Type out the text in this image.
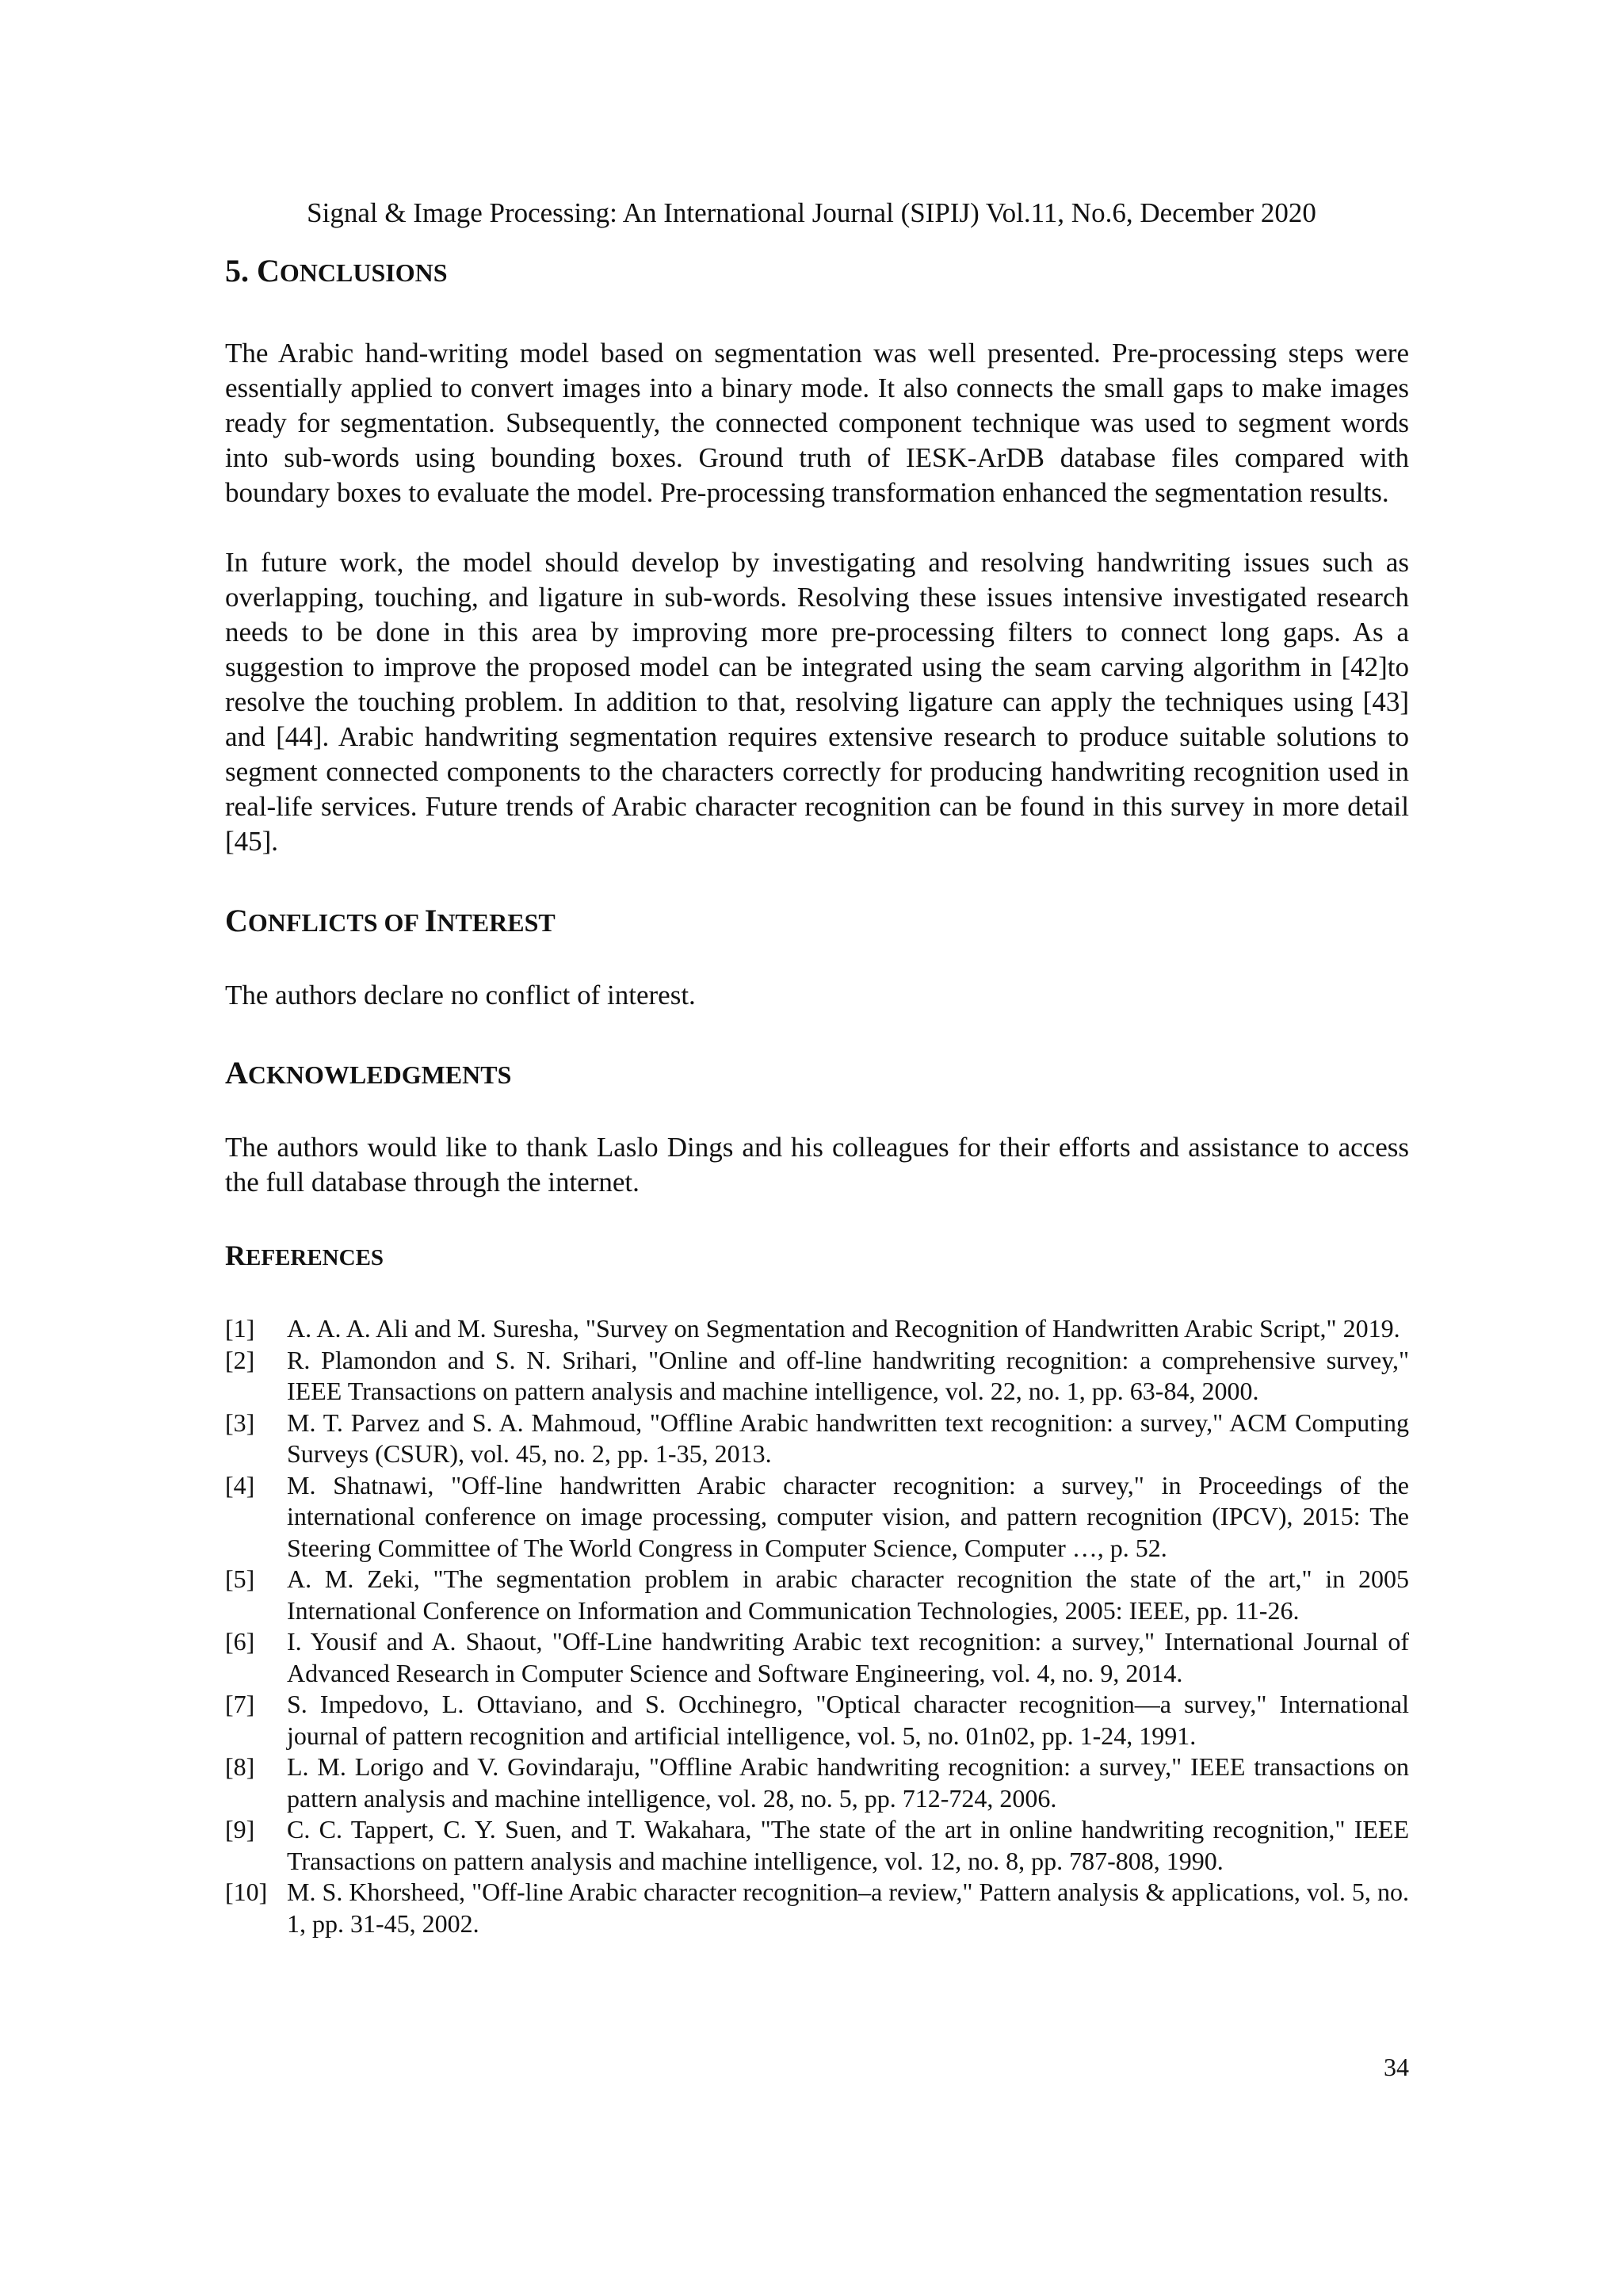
Signal & Image Processing: An International Journal (SIPIJ) Vol.11, No.6, December 2020
5. CONCLUSIONS

The Arabic hand-writing model based on segmentation was well presented. Pre-processing steps were essentially applied to convert images into a binary mode. It also connects the small gaps to make images ready for segmentation. Subsequently, the connected component technique was used to segment words into sub-words using bounding boxes. Ground truth of IESK-ArDB database files compared with boundary boxes to evaluate the model. Pre-processing transformation enhanced the segmentation results.

In future work, the model should develop by investigating and resolving handwriting issues such as overlapping, touching, and ligature in sub-words. Resolving these issues intensive investigated research needs to be done in this area by improving more pre-processing filters to connect long gaps. As a suggestion to improve the proposed model can be integrated using the seam carving algorithm in [42]to resolve the touching problem. In addition to that, resolving ligature can apply the techniques using [43] and [44]. Arabic handwriting segmentation requires extensive research to produce suitable solutions to segment connected components to the characters correctly for producing handwriting recognition used in real-life services. Future trends of Arabic character recognition can be found in this survey in more detail [45].

CONFLICTS OF INTEREST

The authors declare no conflict of interest.

ACKNOWLEDGMENTS

The authors would like to thank Laslo Dings and his colleagues for their efforts and assistance to access the full database through the internet.

REFERENCES
[1]	A. A. A. Ali and M. Suresha, "Survey on Segmentation and Recognition of Handwritten Arabic Script," 2019.
[2]	R. Plamondon and S. N. Srihari, "Online and off-line handwriting recognition: a comprehensive survey," IEEE Transactions on pattern analysis and machine intelligence, vol. 22, no. 1, pp. 63-84, 2000.
[3]	M. T. Parvez and S. A. Mahmoud, "Offline Arabic handwritten text recognition: a survey," ACM Computing Surveys (CSUR), vol. 45, no. 2, pp. 1-35, 2013.
[4]	M. Shatnawi, "Off-line handwritten Arabic character recognition: a survey," in Proceedings of the international conference on image processing, computer vision, and pattern recognition (IPCV), 2015: The Steering Committee of The World Congress in Computer Science, Computer …, p. 52.
[5]	A. M. Zeki, "The segmentation problem in arabic character recognition the state of the art," in 2005 International Conference on Information and Communication Technologies, 2005: IEEE, pp. 11-26.
[6]	I. Yousif and A. Shaout, "Off-Line handwriting Arabic text recognition: a survey," International Journal of Advanced Research in Computer Science and Software Engineering, vol. 4, no. 9, 2014.
[7]	S. Impedovo, L. Ottaviano, and S. Occhinegro, "Optical character recognition—a survey," International journal of pattern recognition and artificial intelligence, vol. 5, no. 01n02, pp. 1-24, 1991.
[8]	L. M. Lorigo and V. Govindaraju, "Offline Arabic handwriting recognition: a survey," IEEE transactions on pattern analysis and machine intelligence, vol. 28, no. 5, pp. 712-724, 2006.
[9]	C. C. Tappert, C. Y. Suen, and T. Wakahara, "The state of the art in online handwriting recognition," IEEE Transactions on pattern analysis and machine intelligence, vol. 12, no. 8, pp. 787-808, 1990.
[10] M. S. Khorsheed, "Off-line Arabic character recognition–a review," Pattern analysis & applications, vol. 5, no. 1, pp. 31-45, 2002.
34
